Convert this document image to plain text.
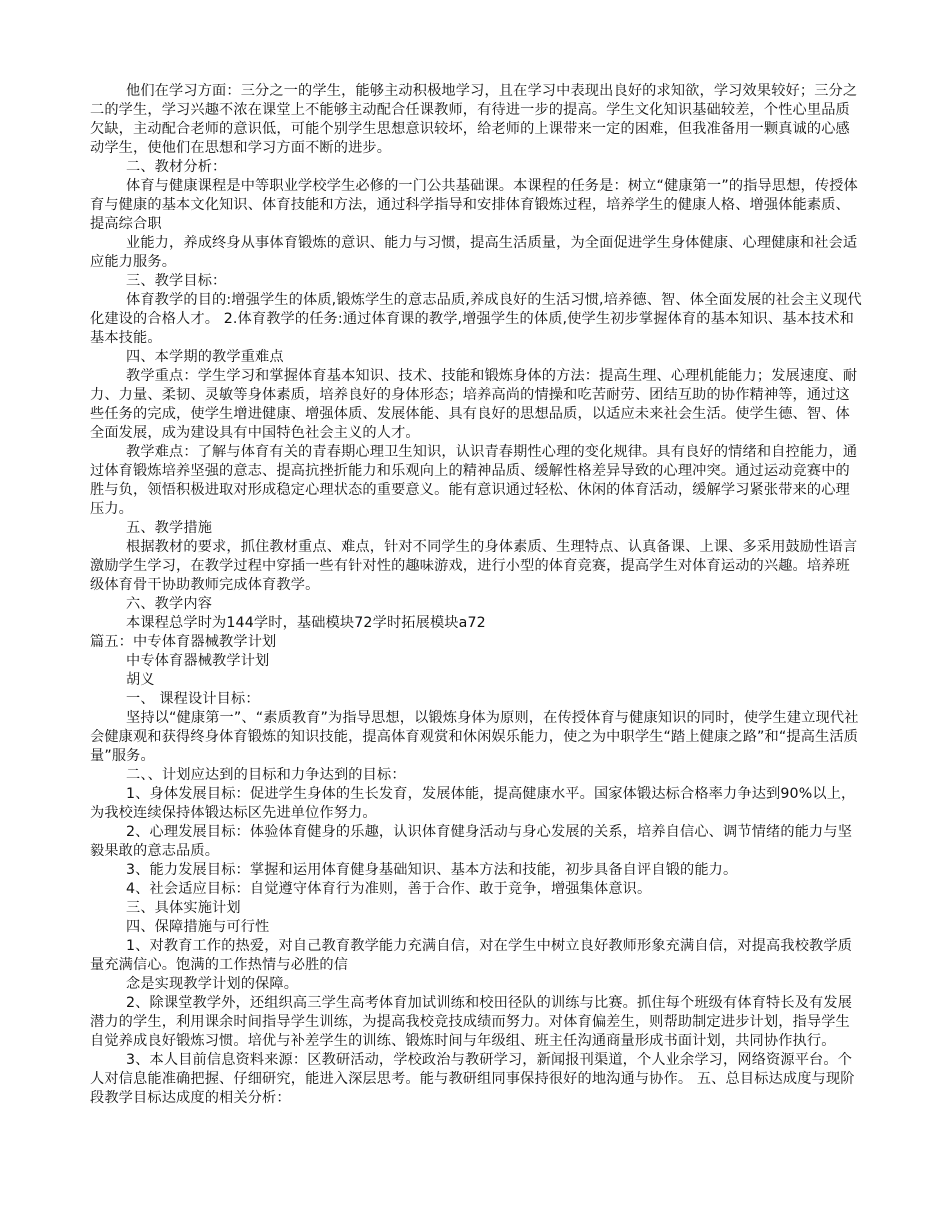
他们在学习方面：三分之一的学生，能够主动积极地学习，且在学习中表现出良好的求知欲，学习效果较好；三分之二的学生，学习兴趣不浓在课堂上不能够主动配合任课教师，有待进一步的提高。学生文化知识基础较差，个性心里品质欠缺，主动配合老师的意识低，可能个别学生思想意识较坏，给老师的上课带来一定的困难，但我准备用一颗真诚的心感动学生，使他们在思想和学习方面不断的进步。

二、教材分析：

体育与健康课程是中等职业学校学生必修的一门公共基础课。本课程的任务是：树立“健康第一”的指导思想，传授体育与健康的基本文化知识、体育技能和方法，通过科学指导和安排体育锻炼过程，培养学生的健康人格、增强体能素质、提高综合职

业能力，养成终身从事体育锻炼的意识、能力与习惯，提高生活质量，为全面促进学生身体健康、心理健康和社会适应能力服务。

三、教学目标：

体育教学的目的:增强学生的体质,锻炼学生的意志品质,养成良好的生活习惯,培养德、智、体全面发展的社会主义现代化建设的合格人才。 2.体育教学的任务:通过体育课的教学,增强学生的体质,使学生初步掌握体育的基本知识、基本技术和基本技能。

四、本学期的教学重难点

教学重点：学生学习和掌握体育基本知识、技术、技能和锻炼身体的方法：提高生理、心理机能能力；发展速度、耐力、力量、柔韧、灵敏等身体素质，培养良好的身体形态；培养高尚的情操和吃苦耐劳、团结互助的协作精神等，通过这些任务的完成，使学生增进健康、增强体质、发展体能、具有良好的思想品质，以适应未来社会生活。使学生德、智、体全面发展，成为建设具有中国特色社会主义的人才。

教学难点：了解与体育有关的青春期心理卫生知识，认识青春期性心理的变化规律。具有良好的情绪和自控能力，通过体育锻炼培养坚强的意志、提高抗挫折能力和乐观向上的精神品质、缓解性格差异导致的心理冲突。通过运动竞赛中的胜与负，领悟积极进取对形成稳定心理状态的重要意义。能有意识通过轻松、休闲的体育活动，缓解学习紧张带来的心理压力。

五、教学措施

根据教材的要求，抓住教材重点、难点，针对不同学生的身体素质、生理特点、认真备课、上课、多采用鼓励性语言激励学生学习，在教学过程中穿插一些有针对性的趣味游戏，进行小型的体育竞赛，提高学生对体育运动的兴趣。培养班级体育骨干协助教师完成体育教学。

六、教学内容

本课程总学时为144学时，基础模块72学时拓展模块a72

篇五：中专体育器械教学计划

中专体育器械教学计划

胡义

一、 课程设计目标：

坚持以“健康第一”、“素质教育”为指导思想，以锻炼身体为原则，在传授体育与健康知识的同时，使学生建立现代社会健康观和获得终身体育锻炼的知识技能，提高体育观赏和休闲娱乐能力，使之为中职学生“踏上健康之路”和“提高生活质量”服务。

二、、计划应达到的目标和力争达到的目标：

1、身体发展目标：促进学生身体的生长发育，发展体能，提高健康水平。国家体锻达标合格率力争达到90%以上，为我校连续保持体锻达标区先进单位作努力。

2、心理发展目标：体验体育健身的乐趣，认识体育健身活动与身心发展的关系，培养自信心、调节情绪的能力与坚毅果敢的意志品质。

3、能力发展目标：掌握和运用体育健身基础知识、基本方法和技能，初步具备自评自锻的能力。

4、社会适应目标：自觉遵守体育行为准则，善于合作、敢于竞争，增强集体意识。

三、具体实施计划

四、保障措施与可行性

1、对教育工作的热爱，对自己教育教学能力充满自信，对在学生中树立良好教师形象充满自信，对提高我校教学质量充满信心。饱满的工作热情与必胜的信

念是实现教学计划的保障。

2、除课堂教学外，还组织高三学生高考体育加试训练和校田径队的训练与比赛。抓住每个班级有体育特长及有发展潜力的学生，利用课余时间指导学生训练，为提高我校竞技成绩而努力。对体育偏差生，则帮助制定进步计划，指导学生自觉养成良好锻炼习惯。培优与补差学生的训练、锻炼时间与年级组、班主任沟通商量形成书面计划，共同协作执行。

3、本人目前信息资料来源：区教研活动，学校政治与教研学习，新闻报刊渠道，个人业余学习，网络资源平台。个人对信息能准确把握、仔细研究，能进入深层思考。能与教研组同事保持很好的地沟通与协作。 五、总目标达成度与现阶段教学目标达成度的相关分析：
